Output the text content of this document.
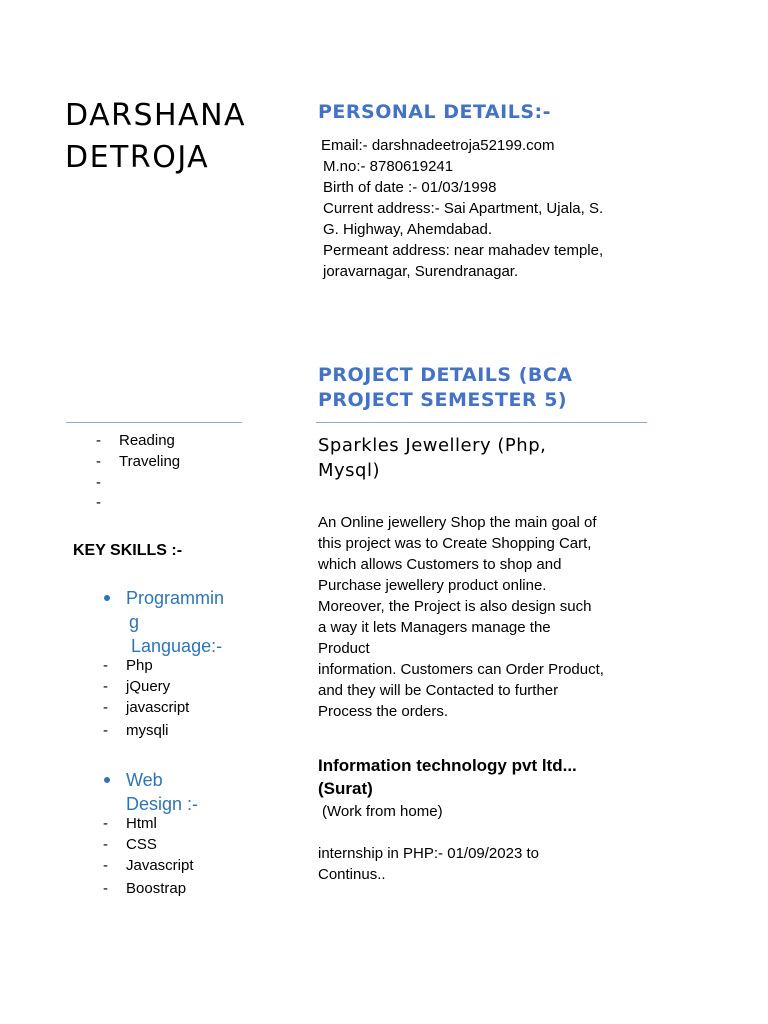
DARSHANA
DETROJA
PERSONAL DETAILS:-
Email:- darshnadeetroja52199.com
M.no:- 8780619241
Birth of date :- 01/03/1998
Current address:- Sai Apartment, Ujala, S.
G. Highway, Ahemdabad.
Permeant address: near mahadev temple,
joravarnagar, Surendranagar.
PROJECT DETAILS (BCA
PROJECT SEMESTER 5)
- Reading
- Traveling
-
-
KEY SKILLS :-
Programmin
g
Language:-
- Php
- jQuery
- javascript
- mysqli
Web
Design :-
- Html
- CSS
- Javascript
- Boostrap
Sparkles Jewellery (Php,
Mysql)
An Online jewellery Shop the main goal of
this project was to Create Shopping Cart,
which allows Customers to shop and
Purchase jewellery product online.
Moreover, the Project is also design such
a way it lets Managers manage the
Product
information. Customers can Order Product,
and they will be Contacted to further
Process the orders.
Information technology pvt ltd...
(Surat)
(Work from home)
internship in PHP:- 01/09/2023 to
Continus..
